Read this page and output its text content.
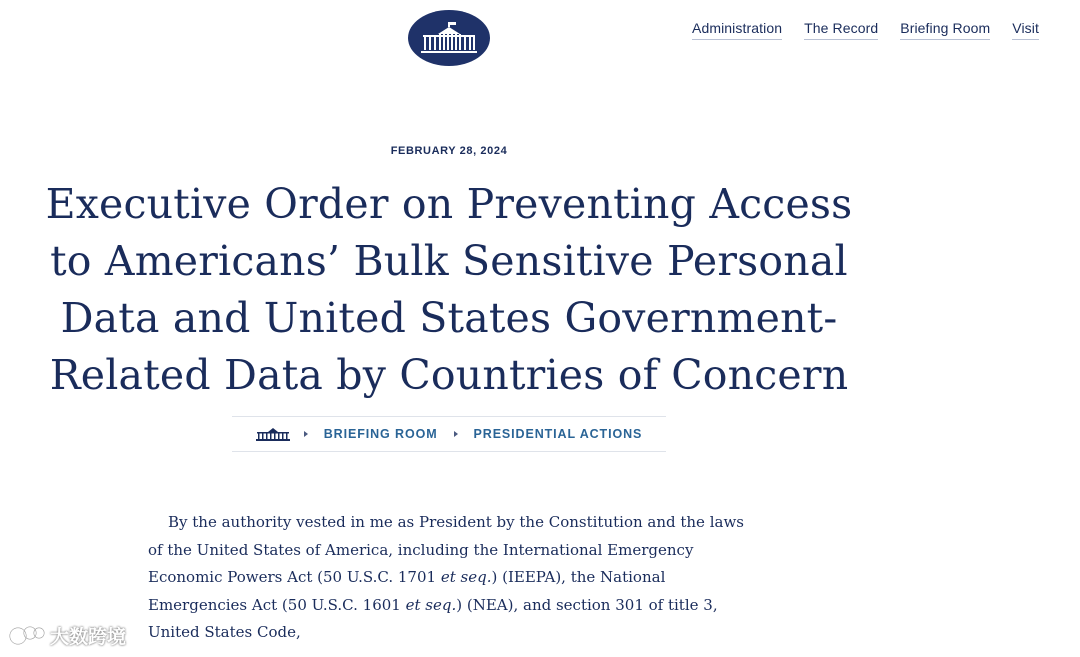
Administration The Record Briefing Room Visit
FEBRUARY 28, 2024
Executive Order on Preventing Access to Americans’ Bulk Sensitive Personal Data and United States Government-Related Data by Countries of Concern
BRIEFING ROOM	PRESIDENTIAL ACTIONS

By the authority vested in me as President by the Constitution and the laws of the United States of America, including the International Emergency Economic Powers Act (50 U.S.C. 1701 et seq.) (IEEPA), the National Emergencies Act (50 U.S.C. 1601 et seq.) (NEA), and section 301 of title 3, United States Code,

大数跨境
